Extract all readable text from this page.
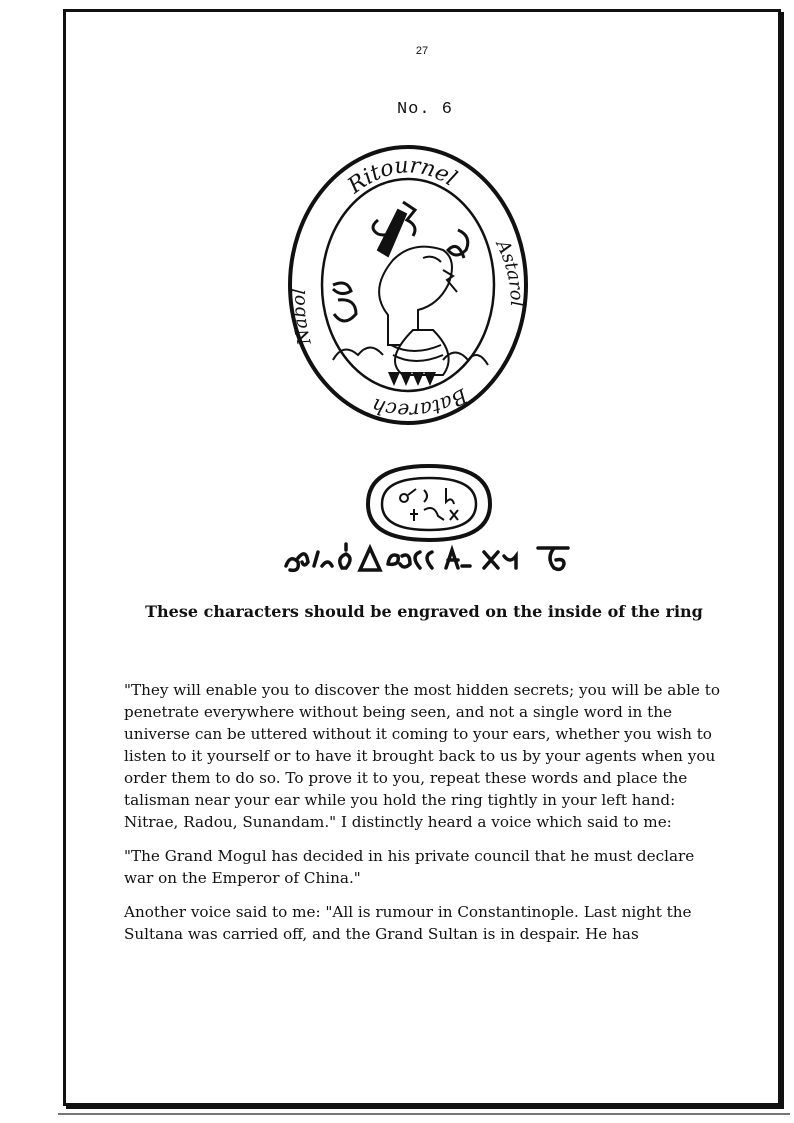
27
No. 6
Ritournel
Nabol
Astarol
Batarech
These characters should be engraved on the inside of the ring

"They will enable you to discover the most hidden secrets; you will be able to penetrate everywhere without being seen, and not a single word in the universe can be uttered without it coming to your ears, whether you wish to listen to it yourself or to have it brought back to us by your agents when you order them to do so. To prove it to you, repeat these words and place the talisman near your ear while you hold the ring tightly in your left hand: Nitrae, Radou, Sunandam." I distinctly heard a voice which said to me:

"The Grand Mogul has decided in his private council that he must declare war on the Emperor of China."

Another voice said to me: "All is rumour in Constantinople. Last night the Sultana was carried off, and the Grand Sultan is in despair. He has
